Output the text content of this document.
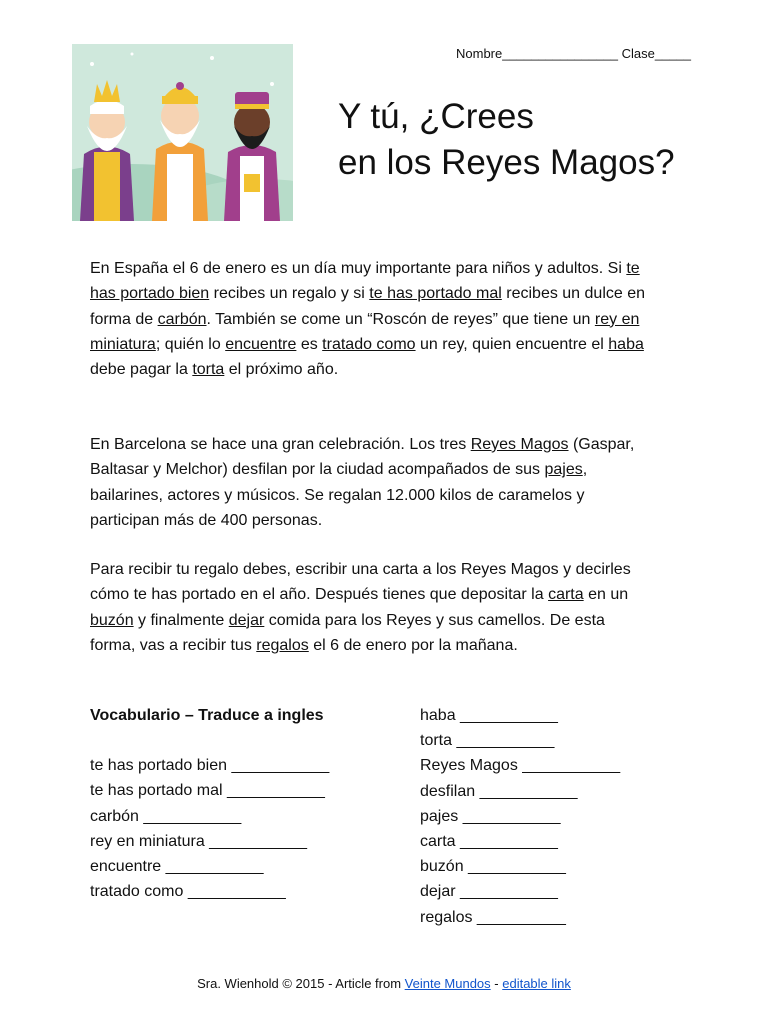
Nombre________________ Clase_____
Y tú, ¿Crees
en los Reyes Magos?

En España el 6 de enero es un día muy importante para niños y adultos. Si te has portado bien recibes un regalo y si te has portado mal recibes un dulce en forma de carbón. También se come un “Roscón de reyes” que tiene un rey en miniatura; quién lo encuentre es tratado como un rey, quien encuentre el haba debe pagar la torta el próximo año.

En Barcelona se hace una gran celebración. Los tres Reyes Magos (Gaspar, Baltasar y Melchor) desfilan por la ciudad acompañados de sus pajes, bailarines, actores y músicos. Se regalan 12.000 kilos de caramelos y participan más de 400 personas.

Para recibir tu regalo debes, escribir una carta a los Reyes Magos y decirles cómo te has portado en el año. Después tienes que depositar la carta en un buzón y finalmente dejar comida para los Reyes y sus camellos. De esta forma, vas a recibir tus regalos el 6 de enero por la mañana.

Vocabulario – Traduce a ingles
te has portado bien ___________
te has portado mal ___________
carbón ___________
rey en miniatura ___________
encuentre ___________
tratado como ___________
haba ___________
torta ___________
Reyes Magos ___________
desfilan ___________
pajes ___________
carta ___________
buzón ___________
dejar ___________
regalos __________
Sra. Wienhold © 2015 - Article from Veinte Mundos - editable link
